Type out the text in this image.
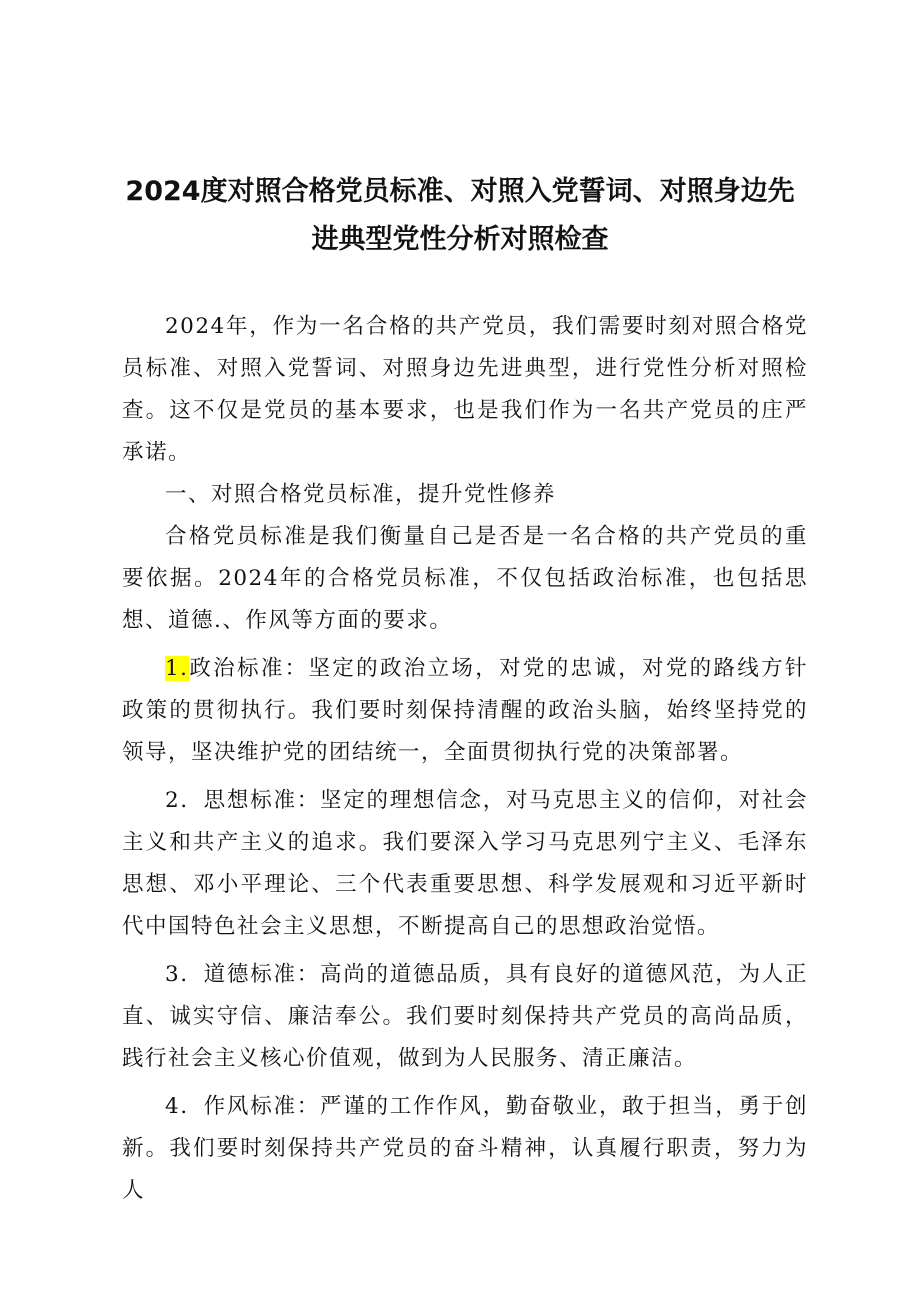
2024度对照合格党员标准、对照入党誓词、对照身边先
进典型党性分析对照检查

2024年，作为一名合格的共产党员，我们需要时刻对照合格党员标准、对照入党誓词、对照身边先进典型，进行党性分析对照检查。这不仅是党员的基本要求，也是我们作为一名共产党员的庄严承诺。

一、对照合格党员标准，提升党性修养

合格党员标准是我们衡量自己是否是一名合格的共产党员的重要依据。2024年的合格党员标准，不仅包括政治标准，也包括思想、道德.、作风等方面的要求。

1.政治标准：坚定的政治立场，对党的忠诚，对党的路线方针政策的贯彻执行。我们要时刻保持清醒的政治头脑，始终坚持党的领导，坚决维护党的团结统一，全面贯彻执行党的决策部署。

2．思想标准：坚定的理想信念，对马克思主义的信仰，对社会主义和共产主义的追求。我们要深入学习马克思列宁主义、毛泽东思想、邓小平理论、三个代表重要思想、科学发展观和习近平新时代中国特色社会主义思想，不断提高自己的思想政治觉悟。

3．道德标准：高尚的道德品质，具有良好的道德风范，为人正直、诚实守信、廉洁奉公。我们要时刻保持共产党员的高尚品质，践行社会主义核心价值观，做到为人民服务、清正廉洁。

4．作风标准：严谨的工作作风，勤奋敬业，敢于担当，勇于创新。我们要时刻保持共产党员的奋斗精神，认真履行职责，努力为人
